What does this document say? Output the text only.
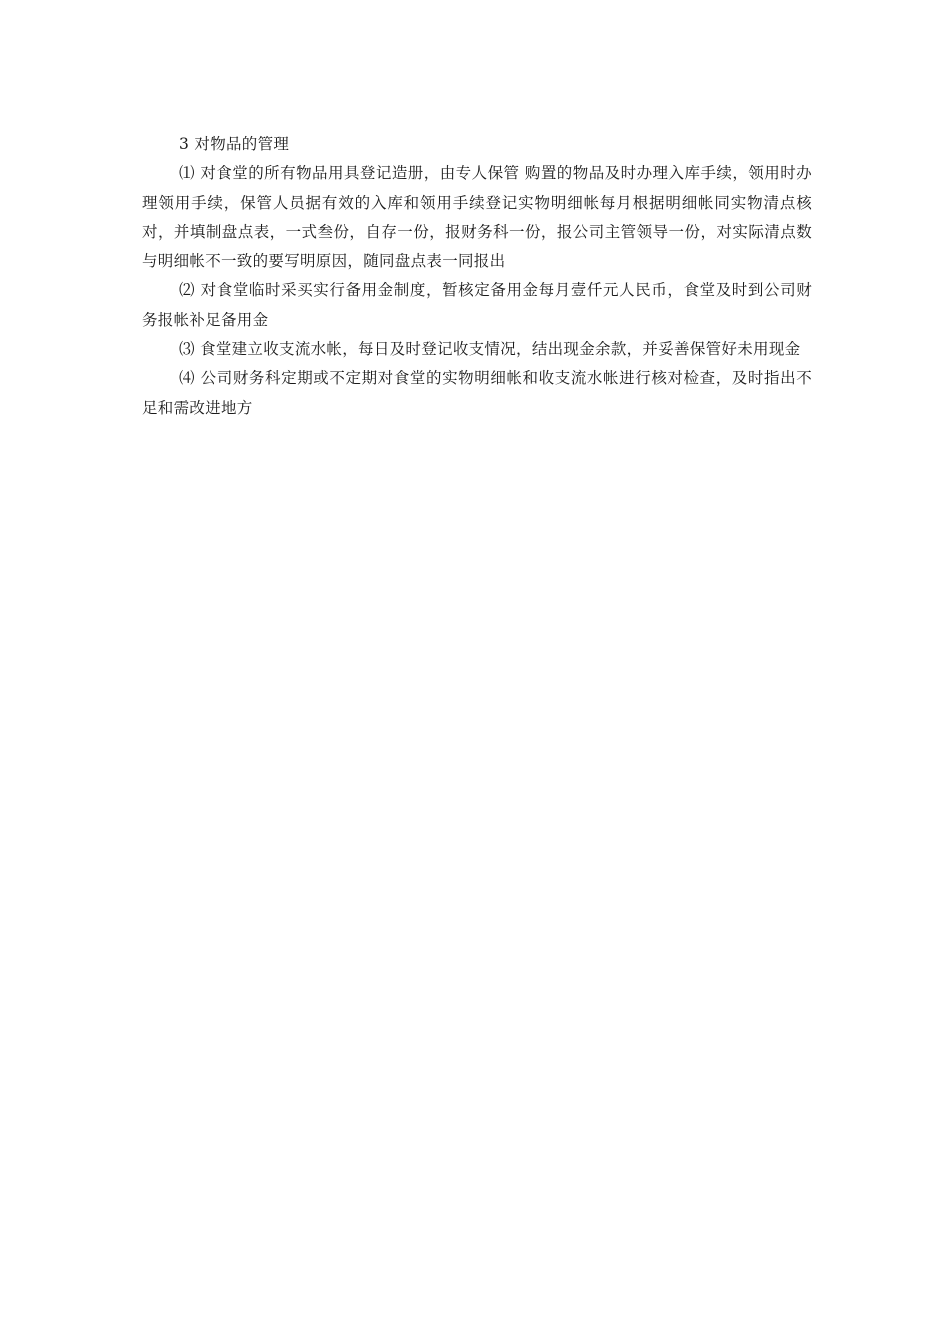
3 对物品的管理

⑴ 对食堂的所有物品用具登记造册，由专人保管 购置的物品及时办理入库手续，领用时办理领用手续，保管人员据有效的入库和领用手续登记实物明细帐每月根据明细帐同实物清点核对，并填制盘点表，一式叁份，自存一份，报财务科一份，报公司主管领导一份，对实际清点数与明细帐不一致的要写明原因，随同盘点表一同报出

⑵ 对食堂临时采买实行备用金制度，暂核定备用金每月壹仟元人民币，食堂及时到公司财务报帐补足备用金

⑶ 食堂建立收支流水帐，每日及时登记收支情况，结出现金余款，并妥善保管好未用现金

⑷ 公司财务科定期或不定期对食堂的实物明细帐和收支流水帐进行核对检查，及时指出不足和需改进地方
